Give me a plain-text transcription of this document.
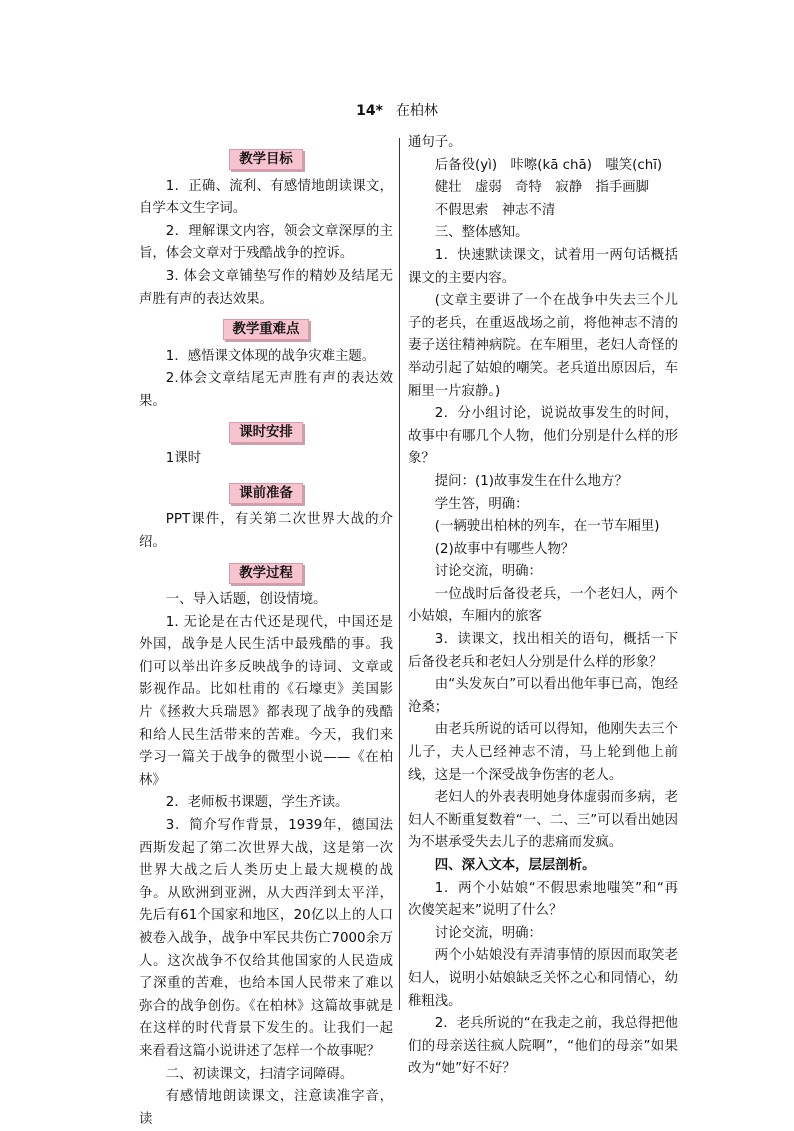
14* 在柏林
教学目标

1．正确、流利、有感情地朗读课文，自学本文生字词。

2．理解课文内容，领会文章深厚的主旨，体会文章对于残酷战争的控诉。

3. 体会文章铺垫写作的精妙及结尾无声胜有声的表达效果。

教学重难点

1．感悟课文体现的战争灾难主题。

2.体会文章结尾无声胜有声的表达效果。

课时安排

1课时

课前准备

PPT课件，有关第二次世界大战的介绍。

教学过程

一、导入话题，创设情境。

1. 无论是在古代还是现代，中国还是外国，战争是人民生活中最残酷的事。我们可以举出许多反映战争的诗词、文章或影视作品。比如杜甫的《石壕吏》美国影片《拯救大兵瑞恩》都表现了战争的残酷和给人民生活带来的苦难。今天，我们来学习一篇关于战争的微型小说——《在柏林》

2．老师板书课题，学生齐读。

3．简介写作背景，1939年，德国法西斯发起了第二次世界大战，这是第一次世界大战之后人类历史上最大规模的战争。从欧洲到亚洲，从大西洋到太平洋，先后有61个国家和地区，20亿以上的人口被卷入战争，战争中军民共伤亡7000余万人。这次战争不仅给其他国家的人民造成了深重的苦难，也给本国人民带来了难以弥合的战争创伤。《在柏林》这篇故事就是在这样的时代背景下发生的。让我们一起来看看这篇小说讲述了怎样一个故事呢？

二、初读课文，扫清字词障碍。

有感情地朗读课文，注意读准字音，读

通句子。

后备役(yì)　咔嚓(kā chā)　嗤笑(chī)

健壮　虚弱　奇特　寂静　指手画脚

不假思索　神志不清

三、整体感知。

1．快速默读课文，试着用一两句话概括课文的主要内容。

(文章主要讲了一个在战争中失去三个儿子的老兵，在重返战场之前，将他神志不清的妻子送往精神病院。在车厢里，老妇人奇怪的举动引起了姑娘的嘲笑。老兵道出原因后，车厢里一片寂静。)

2．分小组讨论，说说故事发生的时间，故事中有哪几个人物，他们分别是什么样的形象？

提问：(1)故事发生在什么地方？

学生答，明确：

(一辆驶出柏林的列车，在一节车厢里)

(2)故事中有哪些人物？

讨论交流，明确：

一位战时后备役老兵，一个老妇人，两个小姑娘，车厢内的旅客

3．读课文，找出相关的语句，概括一下后备役老兵和老妇人分别是什么样的形象？

由“头发灰白”可以看出他年事已高，饱经沧桑；

由老兵所说的话可以得知，他刚失去三个儿子，夫人已经神志不清，马上轮到他上前线，这是一个深受战争伤害的老人。

老妇人的外表表明她身体虚弱而多病，老妇人不断重复数着“一、二、三”可以看出她因为不堪承受失去儿子的悲痛而发疯。

四、深入文本，层层剖析。

1．两个小姑娘“不假思索地嗤笑”和“再次傻笑起来”说明了什么？

讨论交流，明确：

两个小姑娘没有弄清事情的原因而取笑老妇人，说明小姑娘缺乏关怀之心和同情心，幼稚粗浅。

2．老兵所说的“在我走之前，我总得把他们的母亲送往疯人院啊”，“他们的母亲”如果改为“她”好不好？
